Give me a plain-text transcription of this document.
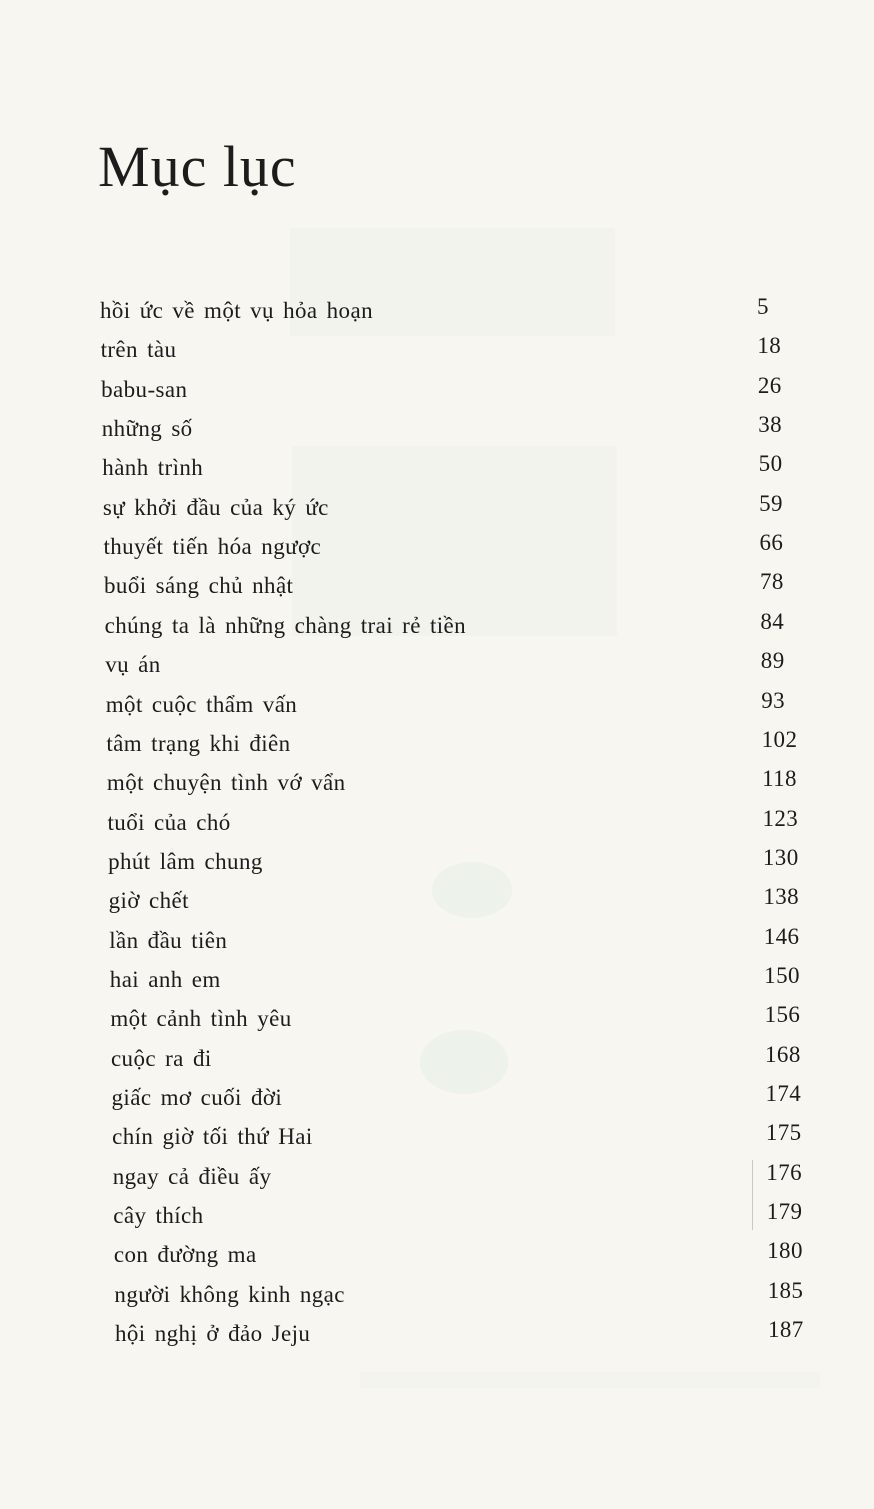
Mục lục
hồi ức về một vụ hỏa hoạn	5
trên tàu	18
babu-san	26
những số	38
hành trình	50
sự khởi đầu của ký ức	59
thuyết tiến hóa ngược	66
buổi sáng chủ nhật	78
chúng ta là những chàng trai rẻ tiền	84
vụ án	89
một cuộc thẩm vấn	93
tâm trạng khi điên	102
một chuyện tình vớ vẩn	118
tuổi của chó	123
phút lâm chung	130
giờ chết	138
lần đầu tiên	146
hai anh em	150
một cảnh tình yêu	156
cuộc ra đi	168
giấc mơ cuối đời	174
chín giờ tối thứ Hai	175
ngay cả điều ấy	176
cây thích	179
con đường ma	180
người không kinh ngạc	185
hội nghị ở đảo Jeju	187
